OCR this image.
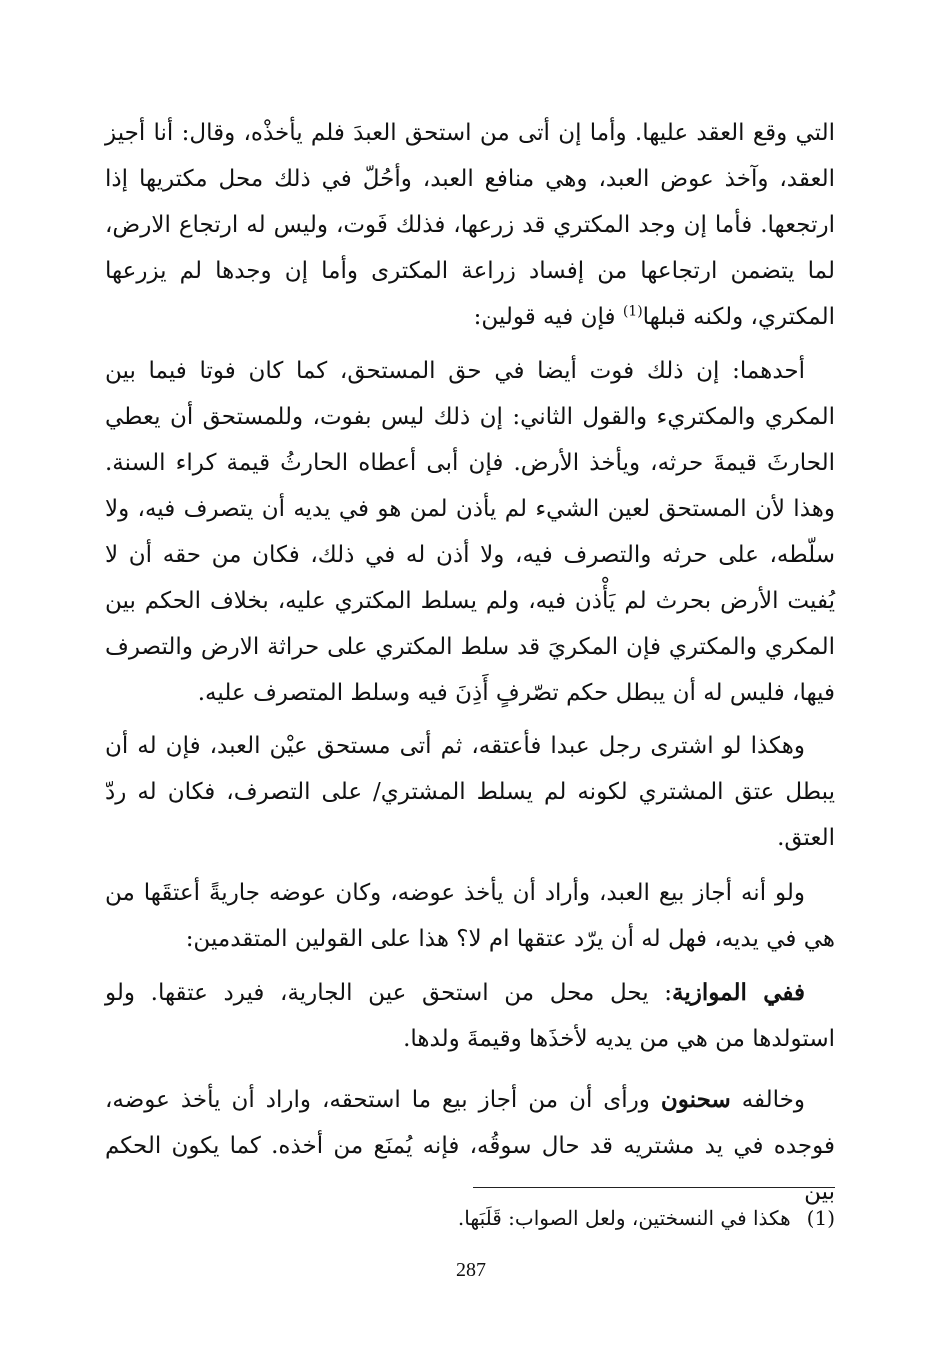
التي وقع العقد عليها. وأما إن أتى من استحق العبدَ فلم يأخذْه، وقال: أنا أجيز العقد، وآخذ عوض العبد، وهي منافع العبد، وأحُلّ في ذلك محل مكتريها إذا ارتجعها. فأما إن وجد المكتري قد زرعها، فذلك فَوت، وليس له ارتجاع الارض، لما يتضمن ارتجاعها من إفساد زراعة المكترى وأما إن وجدها لم يزرعها المكتري، ولكنه قبلها$^{(1)}$ فإن فيه قولين:

أحدهما: إن ذلك فوت أيضا في حق المستحق، كما كان فوتا فيما بين المكري والمكتريء والقول الثاني: إن ذلك ليس بفوت، وللمستحق أن يعطي الحارثَ قيمةَ حرثه، ويأخذ الأرض. فإن أبى أعطاه الحارثُ قيمة كراء السنة. وهذا لأن المستحق لعين الشيء لم يأذن لمن هو في يديه أن يتصرف فيه، ولا سلّطه، على حرثه والتصرف فيه، ولا أذن له في ذلك، فكان من حقه أن لا يُفيت الأرض بحرث لم يَأْذن فيه، ولم يسلط المكتري عليه، بخلاف الحكم بين المكري والمكتري فإن المكريَ قد سلط المكتري على حراثة الارض والتصرف فيها، فليس له أن يبطل حكم تصّرفٍ أَذِنَ فيه وسلط المتصرف عليه.

وهكذا لو اشترى رجل عبدا فأعتقه، ثم أتى مستحق عيْن العبد، فإن له أن يبطل عتق المشتري لكونه لم يسلط المشتري/ على التصرف، فكان له ردّ العتق.

ولو أنه أجاز بيع العبد، وأراد أن يأخذ عوضه، وكان عوضه جاريةً أعتقَها من هي في يديه، فهل له أن يرّد عتقها ام لا؟ هذا على القولين المتقدمين:

ففي الموازية: يحل محل من استحق عين الجارية، فيرد عتقها. ولو استولدها من هي من يديه لأخذَها وقيمةَ ولدها.

وخالفه سحنون ورأى أن من أجاز بيع ما استحقه، واراد أن يأخذ عوضه، فوجده في يد مشتريه قد حال سوقُه، فإنه يُمنَع من أخذه. كما يكون الحكم بين

(1)هكذا في النسختين، ولعل الصواب: قَلَبَها.

287
